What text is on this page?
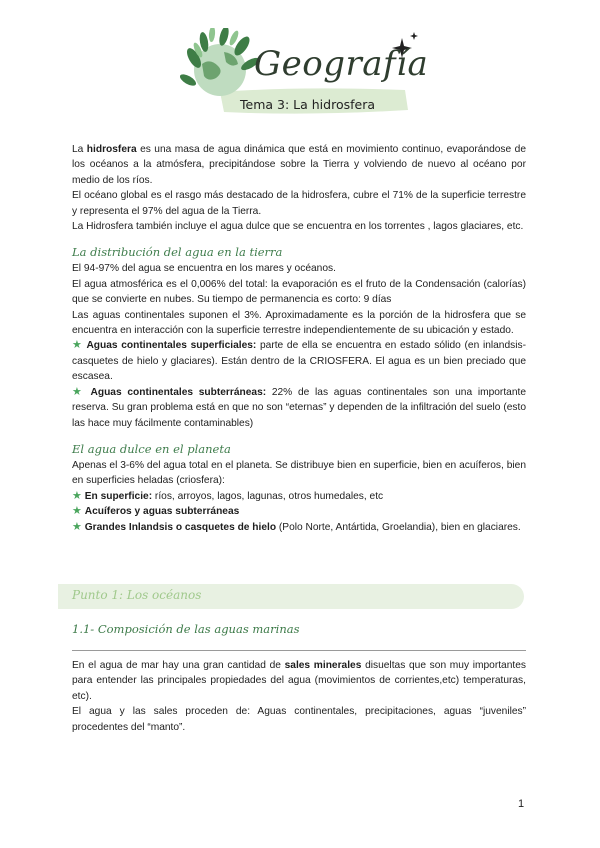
Geografía
Tema 3: La hidrosfera

La hidrosfera es una masa de agua dinámica que está en movimiento continuo, evaporándose de los océanos a la atmósfera, precipitándose sobre la Tierra y volviendo de nuevo al océano por medio de los ríos.

El océano global es el rasgo más destacado de la hidrosfera, cubre el 71% de la superficie terrestre y representa el 97% del agua de la Tierra.

La Hidrosfera también incluye el agua dulce que se encuentra en los torrentes , lagos glaciares, etc.

La distribución del agua en la tierra

El 94-97% del agua se encuentra en los mares y océanos.

El agua atmosférica es el 0,006% del total: la evaporación es el fruto de la Condensación (calorías) que se convierte en nubes. Su tiempo de permanencia es corto: 9 días

Las aguas continentales suponen el 3%. Aproximadamente es la porción de la hidrosfera que se encuentra en interacción con la superficie terrestre independientemente de su ubicación y estado.

★ Aguas continentales superficiales: parte de ella se encuentra en estado sólido (en inlandsis-casquetes de hielo y glaciares). Están dentro de la CRIOSFERA. El agua es un bien preciado que escasea.

★ Aguas continentales subterráneas: 22% de las aguas continentales son una importante reserva. Su gran problema está en que no son “eternas” y dependen de la infiltración del suelo (esto las hace muy fácilmente contaminables)

El agua dulce en el planeta

Apenas el 3-6% del agua total en el planeta. Se distribuye bien en superficie, bien en acuíferos, bien en superficies heladas (criosfera):

★ En superficie: ríos, arroyos, lagos, lagunas, otros humedales, etc

★ Acuíferos y aguas subterráneas

★ Grandes Inlandsis o casquetes de hielo (Polo Norte, Antártida, Groelandia), bien en glaciares.

Punto 1: Los océanos
1.1- Composición de las aguas marinas

En el agua de mar hay una gran cantidad de sales minerales disueltas que son muy importantes para entender las principales propiedades del agua (movimientos de corrientes,etc) temperaturas, etc).

El agua y las sales proceden de: Aguas continentales, precipitaciones, aguas “juveniles” procedentes del “manto”.

1
